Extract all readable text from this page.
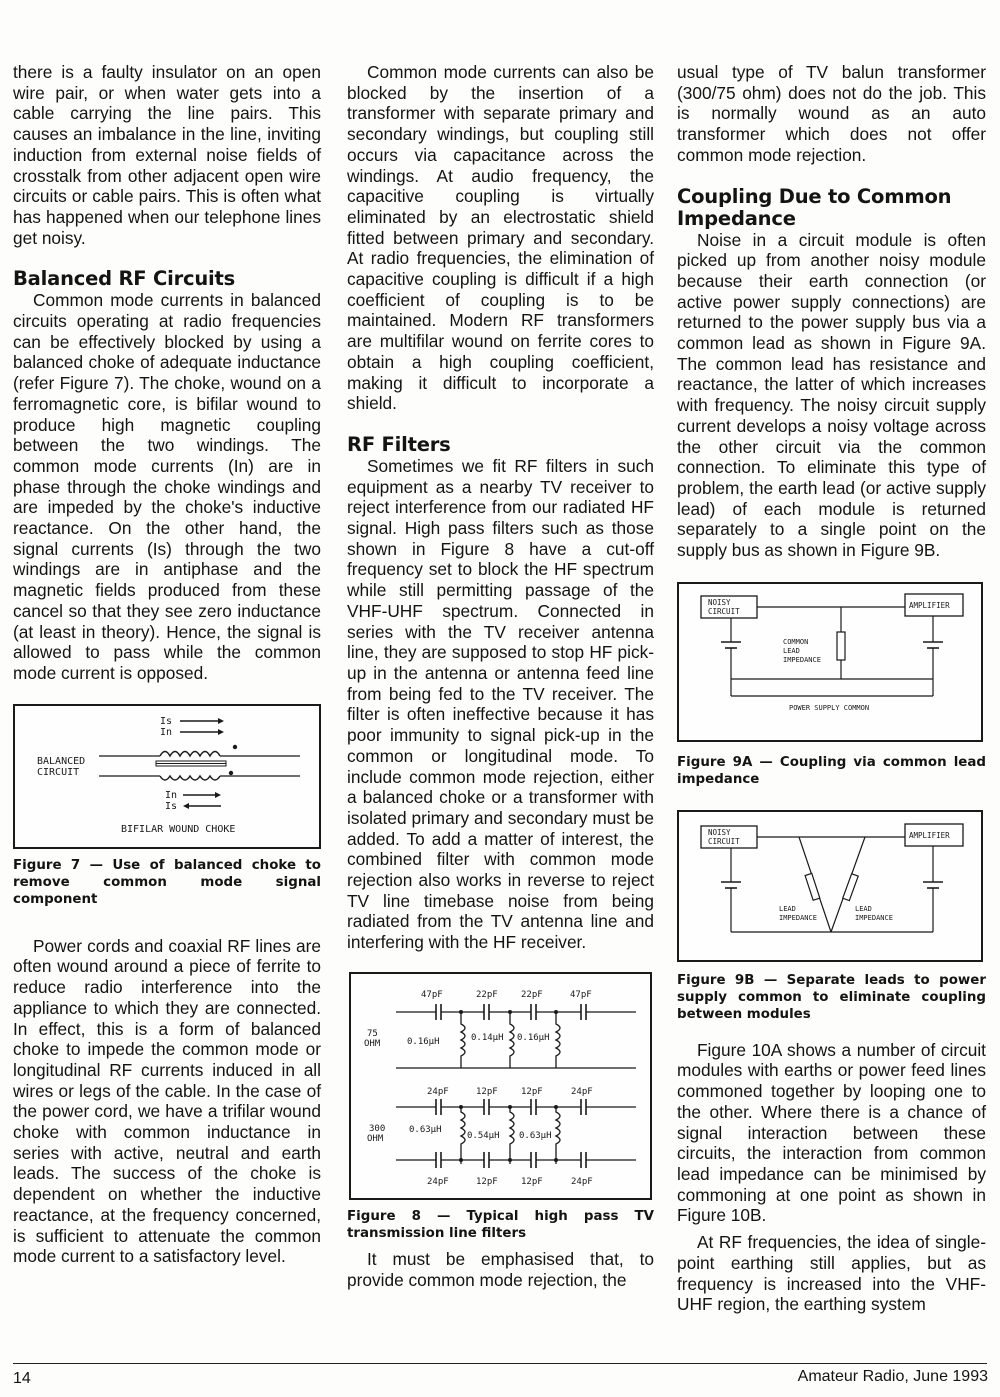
there is a faulty insulator on an open wire pair, or when water gets into a cable carrying the line pairs. This causes an imbalance in the line, inviting induction from external noise fields of crosstalk from other adjacent open wire circuits or cable pairs. This is often what has happened when our telephone lines get noisy.

Balanced RF Circuits

Common mode currents in balanced circuits operating at radio frequencies can be effectively blocked by using a balanced choke of adequate inductance (refer Figure 7). The choke, wound on a ferromagnetic core, is bifilar wound to produce high magnetic coupling between the two windings. The common mode currents (In) are in phase through the choke windings and are impeded by the choke's inductive reactance. On the other hand, the signal currents (Is) through the two windings are in antiphase and the magnetic fields produced from these cancel so that they see zero inductance (at least in theory). Hence, the signal is allowed to pass while the common mode current is opposed.

Is
In
BALANCED
CIRCUIT
In
Is
BIFILAR WOUND CHOKE
Figure 7 — Use of balanced choke to remove common mode signal component

Power cords and coaxial RF lines are often wound around a piece of ferrite to reduce radio interference into the appliance to which they are connected. In effect, this is a form of balanced choke to impede the common mode or longitudinal RF currents induced in all wires or legs of the cable. In the case of the power cord, we have a trifilar wound choke with common inductance in series with active, neutral and earth leads. The success of the choke is dependent on whether the inductive reactance, at the frequency concerned, is sufficient to attenuate the common mode current to a satisfactory level.

Common mode currents can also be blocked by the insertion of a transformer with separate primary and secondary windings, but coupling still occurs via capacitance across the windings. At audio frequency, the capacitive coupling is virtually eliminated by an electrostatic shield fitted between primary and secondary. At radio frequencies, the elimination of capacitive coupling is difficult if a high coefficient of coupling is to be maintained. Modern RF transformers are multifilar wound on ferrite cores to obtain a high coupling coefficient, making it difficult to incorporate a shield.

RF Filters

Sometimes we fit RF filters in such equipment as a nearby TV receiver to reject interference from our radiated HF signal. High pass filters such as those shown in Figure 8 have a cut-off frequency set to block the HF spectrum while still permitting passage of the VHF-UHF spectrum. Connected in series with the TV receiver antenna line, they are supposed to stop HF pick-up in the antenna or antenna feed line from being fed to the TV receiver. The filter is often ineffective because it has poor immunity to signal pick-up in the common or longitudinal mode. To include common mode rejection, either a balanced choke or a transformer with isolated primary and secondary must be added. To add a matter of interest, the combined filter with common mode rejection also works in reverse to reject TV line timebase noise from being radiated from the TV antenna line and interfering with the HF receiver.

47pF	22pF	22pF	47pF
75
OHM	0.16µH	0.14µH 0.16µH
24pF	12pF	12pF	24pF
300
OHM
0.63µH
0.54µH 0.63µH
24pF	12pF	12pF	24pF
Figure 8 — Typical high pass TV transmission line filters

It must be emphasised that, to provide common mode rejection, the

usual type of TV balun transformer (300/75 ohm) does not do the job. This is normally wound as an auto transformer which does not offer common mode rejection.

Coupling Due to Common Impedance

Noise in a circuit module is often picked up from another noisy module because their earth connection (or active power supply connections) are returned to the power supply bus via a common lead as shown in Figure 9A. The common lead has resistance and reactance, the latter of which increases with frequency. The noisy circuit supply current develops a noisy voltage across the other circuit via the common connection. To eliminate this type of problem, the earth lead (or active supply lead) of each module is returned separately to a single point on the supply bus as shown in Figure 9B.

NOISY
CIRCUIT
AMPLIFIER
COMMON
LEAD
IMPEDANCE
POWER SUPPLY COMMON
Figure 9A — Coupling via common lead impedance
NOISY
CIRCUIT
AMPLIFIER
LEAD
IMPEDANCE
LEAD
IMPEDANCE
Figure 9B — Separate leads to power supply common to eliminate coupling between modules

Figure 10A shows a number of circuit modules with earths or power feed lines commoned together by looping one to the other. Where there is a chance of signal interaction between these circuits, the interaction from common lead impedance can be minimised by commoning at one point as shown in Figure 10B.

At RF frequencies, the idea of single-point earthing still applies, but as frequency is increased into the VHF-UHF region, the earthing system

14	Amateur Radio, June 1993
